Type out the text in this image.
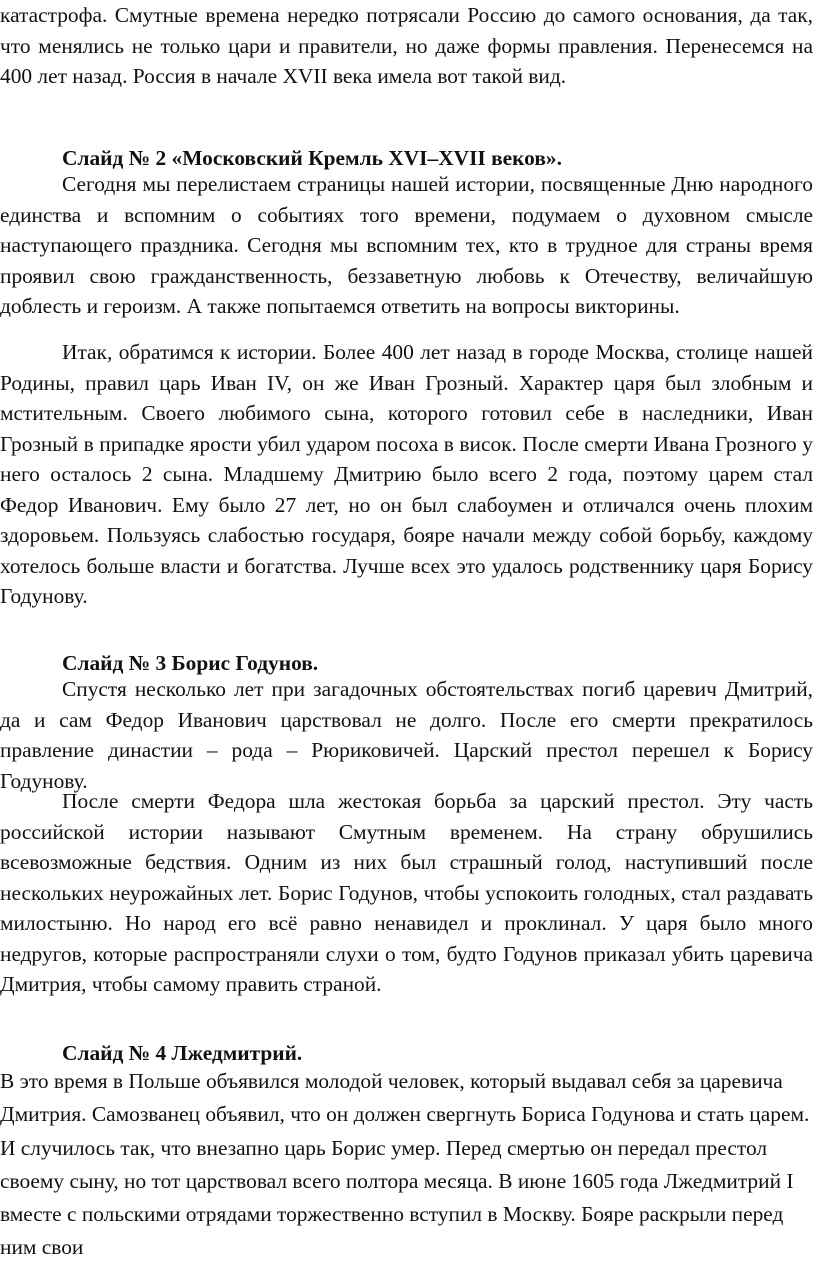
катастрофа. Смутные времена нередко потрясали Россию до самого основания, да так, что менялись не только цари и правители, но даже формы правления. Перенесемся на 400 лет назад. Россия в начале XVII века имела вот такой вид.

Слайд № 2 «Московский Кремль XVI–XVII веков».

Сегодня мы перелистаем страницы нашей истории, посвященные Дню народного единства и вспомним о событиях того времени, подумаем о духовном смысле наступающего праздника. Сегодня мы вспомним тех, кто в трудное для страны время проявил свою гражданственность, беззаветную любовь к Отечеству, величайшую доблесть и героизм. А также попытаемся ответить на вопросы викторины.

Итак, обратимся к истории. Более 400 лет назад в городе Москва, столице нашей Родины, правил царь Иван IV, он же Иван Грозный. Характер царя был злобным и мстительным. Своего любимого сына, которого готовил себе в наследники, Иван Грозный в припадке ярости убил ударом посоха в висок. После смерти Ивана Грозного у него осталось 2 сына. Младшему Дмитрию было всего 2 года, поэтому царем стал Федор Иванович. Ему было 27 лет, но он был слабоумен и отличался очень плохим здоровьем. Пользуясь слабостью государя, бояре начали между собой борьбу, каждому хотелось больше власти и богатства. Лучше всех это удалось родственнику царя Борису Годунову.

Слайд № 3 Борис Годунов.

Спустя несколько лет при загадочных обстоятельствах погиб царевич Дмитрий, да и сам Федор Иванович царствовал не долго. После его смерти прекратилось правление династии – рода – Рюриковичей. Царский престол перешел к Борису Годунову.

После смерти Федора шла жестокая борьба за царский престол. Эту часть российской истории называют Смутным временем. На страну обрушились всевозможные бедствия. Одним из них был страшный голод, наступивший после нескольких неурожайных лет. Борис Годунов, чтобы успокоить голодных, стал раздавать милостыню. Но народ его всё равно ненавидел и проклинал. У царя было много недругов, которые распространяли слухи о том, будто Годунов приказал убить царевича Дмитрия, чтобы самому править страной.

Слайд № 4 Лжедмитрий.

В это время в Польше объявился молодой человек, который выдавал себя за царевича Дмитрия. Самозванец объявил, что он должен свергнуть Бориса Годунова и стать царем. И случилось так, что внезапно царь Борис умер. Перед смертью он передал престол своему сыну, но тот царствовал всего полтора месяца. В июне 1605 года Лжедмитрий I вместе с польскими отрядами торжественно вступил в Москву. Бояре раскрыли перед ним свои
